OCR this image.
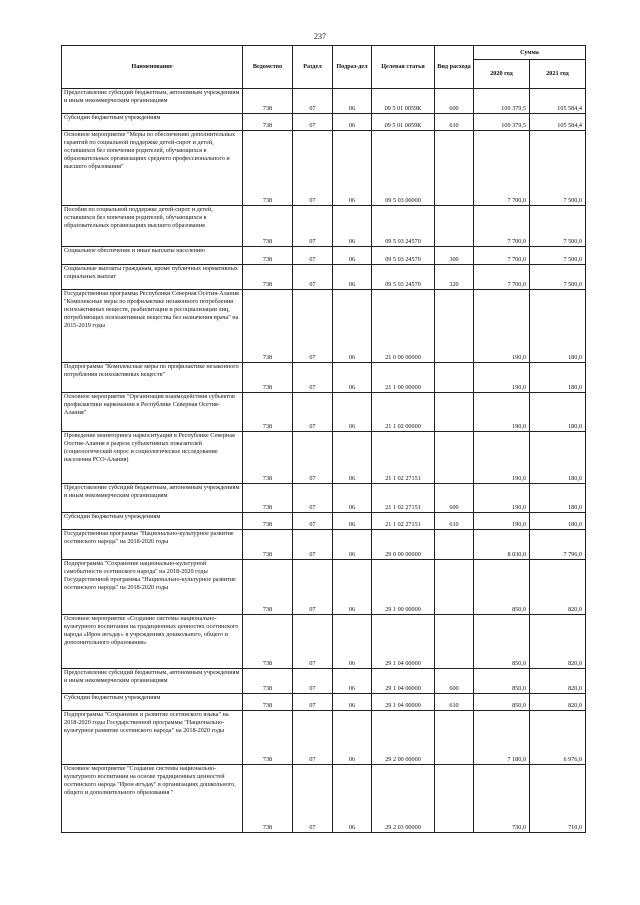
237
Наименование	Ведомство	Раздел	Подраз-дел	Целевая статья	Вид расхода	Сумма	
						2020 год	2021 год
Предоставление субсидий бюджетным, автономным учреждениям и иным некоммерческим организациям	738	07	06	09 5 01 0059К	600	109 379,5	105 584,4
Субсидии бюджетным учреждениям	738	07	06	09 5 01 0059К	610	109 379,5	105 584,4
Основное мероприятие "Меры по обеспечению дополнительных гарантий по социальной поддержке детей-сирот и детей, оставшихся без попечения родителей, обучающихся в образовательных организациях среднего профессионального и высшего образования"	738	07	06	09 5 03 00000		7 700,0	7 500,0
Пособия по социальной поддержке детей-сирот и детей, оставшихся без попечения родителей, обучающихся в образовательных организациях высшего образования	738	07	06	09 5 03 24570		7 700,0	7 500,0
Социальное обеспечение и иные выплаты населению	738	07	06	09 5 03 24570	300	7 700,0	7 500,0
Социальные выплаты гражданам, кроме публичных нормативных социальных выплат	738	07	06	09 5 03 24570	320	7 700,0	7 500,0
Государственная программа Республики Северная Осетия-Алания "Комплексные меры по профилактике незаконного потребления психоактивных веществ, реабилитации и ресоциализации лиц, потребляющих психоактивные вещества без назначения врача" на 2015-2019 годы	738	07	06	21 0 00 00000		190,0	180,0
Подпрограмма "Комплексные меры по профилактике незаконного потребления психоактивных веществ"	738	07	06	21 1 00 00000		190,0	180,0
Основное мероприятие "Организация взаимодействия субъектов профилактики наркомании в Республике Северная Осетия-Алания"	738	07	06	21 1 02 00000		190,0	180,0
Проведение мониторинга наркоситуации в Республике Северная Осетия-Алания в разрезе субъективных показателей (социологический опрос и социологическое исследование населения РСО-Алания)	738	07	06	21 1 02 27151		190,0	180,0
Предоставление субсидий бюджетным, автономным учреждениям и иным некоммерческим организациям	738	07	06	21 1 02 27151	600	190,0	180,0
Субсидии бюджетным учреждениям	738	07	06	21 1 02 27151	610	190,0	180,0
Государственная программа "Национально-культурное развитие осетинского народа" на 2018-2020 годы	738	07	06	29 0 00 00000		8 030,0	7 796,0
Подпрограмма "Сохранение национально-культурной самобытности осетинского народа" на 2018-2020 годы Государственной программы "Национально-культурное развитие осетинского народа" на 2018-2020 годы	738	07	06	29 1 00 00000		850,0	820,0
Основное мероприятие «Создание системы национально-культурного воспитания на традиционных ценностях осетинского народа «Ирон æгъдау» в учреждениях дошкольного, общего и дополнительного образования»	738	07	06	29 1 04 00000		850,0	820,0
Предоставление субсидий бюджетным, автономным учреждениям и иным некоммерческим организациям	738	07	06	29 1 04 00000	600	850,0	820,0
Субсидии бюджетным учреждениям	738	07	06	29 1 04 00000	610	850,0	820,0
Подпрограмма "Сохранение и развитие осетинского языка" на 2018-2020 годы Государственной программы "Национально-культурное развитие осетинского народа" на 2018-2020 годы	738	07	06	29 2 00 00000		7 180,0	6 976,0
Основное мероприятие "Создание системы национально-культурного воспитания на основе традиционных ценностей осетинского народа "Ирон æгъдау" в организациях дошкольного, общего и дополнительного образования "	738	07	06	29 2 03 00000		730,0	710,0
